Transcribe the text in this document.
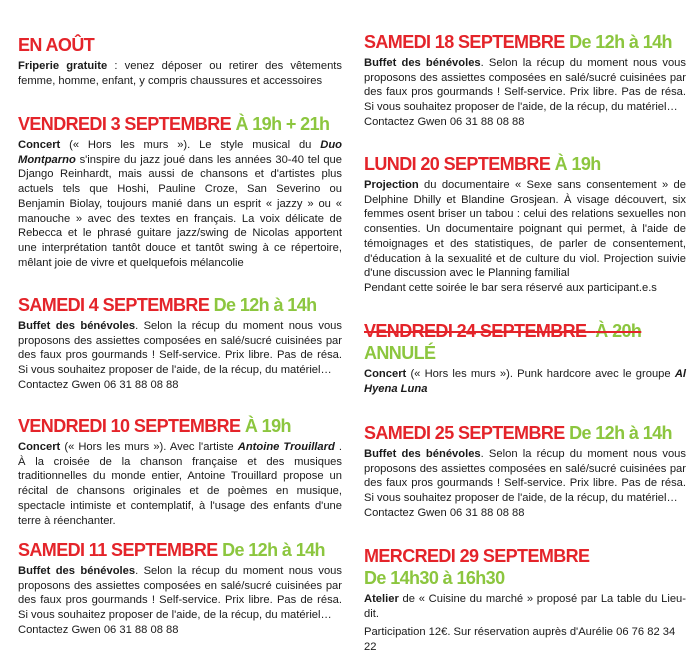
EN AOÛT

Friperie gratuite : venez déposer ou retirer des vêtements femme, homme, enfant, y compris chaussures et accessoires

VENDREDI 3 SEPTEMBRE À 19h + 21h

Concert (« Hors les murs »). Le style musical du Duo Montparno s'inspire du jazz joué dans les années 30-40 tel que Django Reinhardt, mais aussi de chansons et d'artistes plus actuels tels que Hoshi, Pauline Croze, San Severino ou Benjamin Biolay, toujours manié dans un esprit « jazzy » ou « manouche » avec des textes en français. La voix délicate de Rebecca et le phrasé guitare jazz/swing de Nicolas apportent une interprétation tantôt douce et tantôt swing à ce répertoire, mêlant joie de vivre et quelquefois mélancolie

SAMEDI 4 SEPTEMBRE De 12h à 14h

Buffet des bénévoles. Selon la récup du moment nous vous proposons des assiettes composées en salé/sucré cuisinées par des faux pros gourmands ! Self-service. Prix libre. Pas de résa. Si vous souhaitez proposer de l'aide, de la récup, du matériel…
Contactez Gwen 06 31 88 08 88

VENDREDI 10 SEPTEMBRE À 19h

Concert (« Hors les murs »). Avec l'artiste Antoine Trouillard . À la croisée de la chanson française et des musiques traditionnelles du monde entier, Antoine Trouillard propose un récital de chansons originales et de poèmes en musique, spectacle intimiste et contemplatif, à l'usage des enfants d'une terre à réenchanter.

SAMEDI 11 SEPTEMBRE De 12h à 14h

Buffet des bénévoles. Selon la récup du moment nous vous proposons des assiettes composées en salé/sucré cuisinées par des faux pros gourmands ! Self-service. Prix libre. Pas de résa. Si vous souhaitez proposer de l'aide, de la récup, du matériel…
Contactez Gwen 06 31 88 08 88

SAMEDI 18 SEPTEMBRE De 12h à 14h

Buffet des bénévoles. Selon la récup du moment nous vous proposons des assiettes composées en salé/sucré cuisinées par des faux pros gourmands ! Self-service. Prix libre. Pas de résa. Si vous souhaitez proposer de l'aide, de la récup, du matériel…
Contactez Gwen 06 31 88 08 88

LUNDI 20 SEPTEMBRE À 19h

Projection du documentaire « Sexe sans consentement » de Delphine Dhilly et Blandine Grosjean. À visage découvert, six femmes osent briser un tabou : celui des relations sexuelles non consenties. Un documentaire poignant qui permet, à l'aide de témoignages et des statistiques, de parler de consentement, d'éducation à la sexualité et de culture du viol. Projection suivie d'une discussion avec le Planning familial
Pendant cette soirée le bar sera réservé aux participant.e.s

VENDREDI 24 SEPTEMBRE À 20h
ANNULÉ

Concert (« Hors les murs »). Punk hardcore avec le groupe Al Hyena Luna

SAMEDI 25 SEPTEMBRE De 12h à 14h

Buffet des bénévoles. Selon la récup du moment nous vous proposons des assiettes composées en salé/sucré cuisinées par des faux pros gourmands ! Self-service. Prix libre. Pas de résa. Si vous souhaitez proposer de l'aide, de la récup, du matériel…
Contactez Gwen 06 31 88 08 88

MERCREDI 29 SEPTEMBRE
De 14h30 à 16h30

Atelier de « Cuisine du marché » proposé par La table du Lieu-dit.
Participation 12€. Sur réservation auprès d'Aurélie 06 76 82 34 22
